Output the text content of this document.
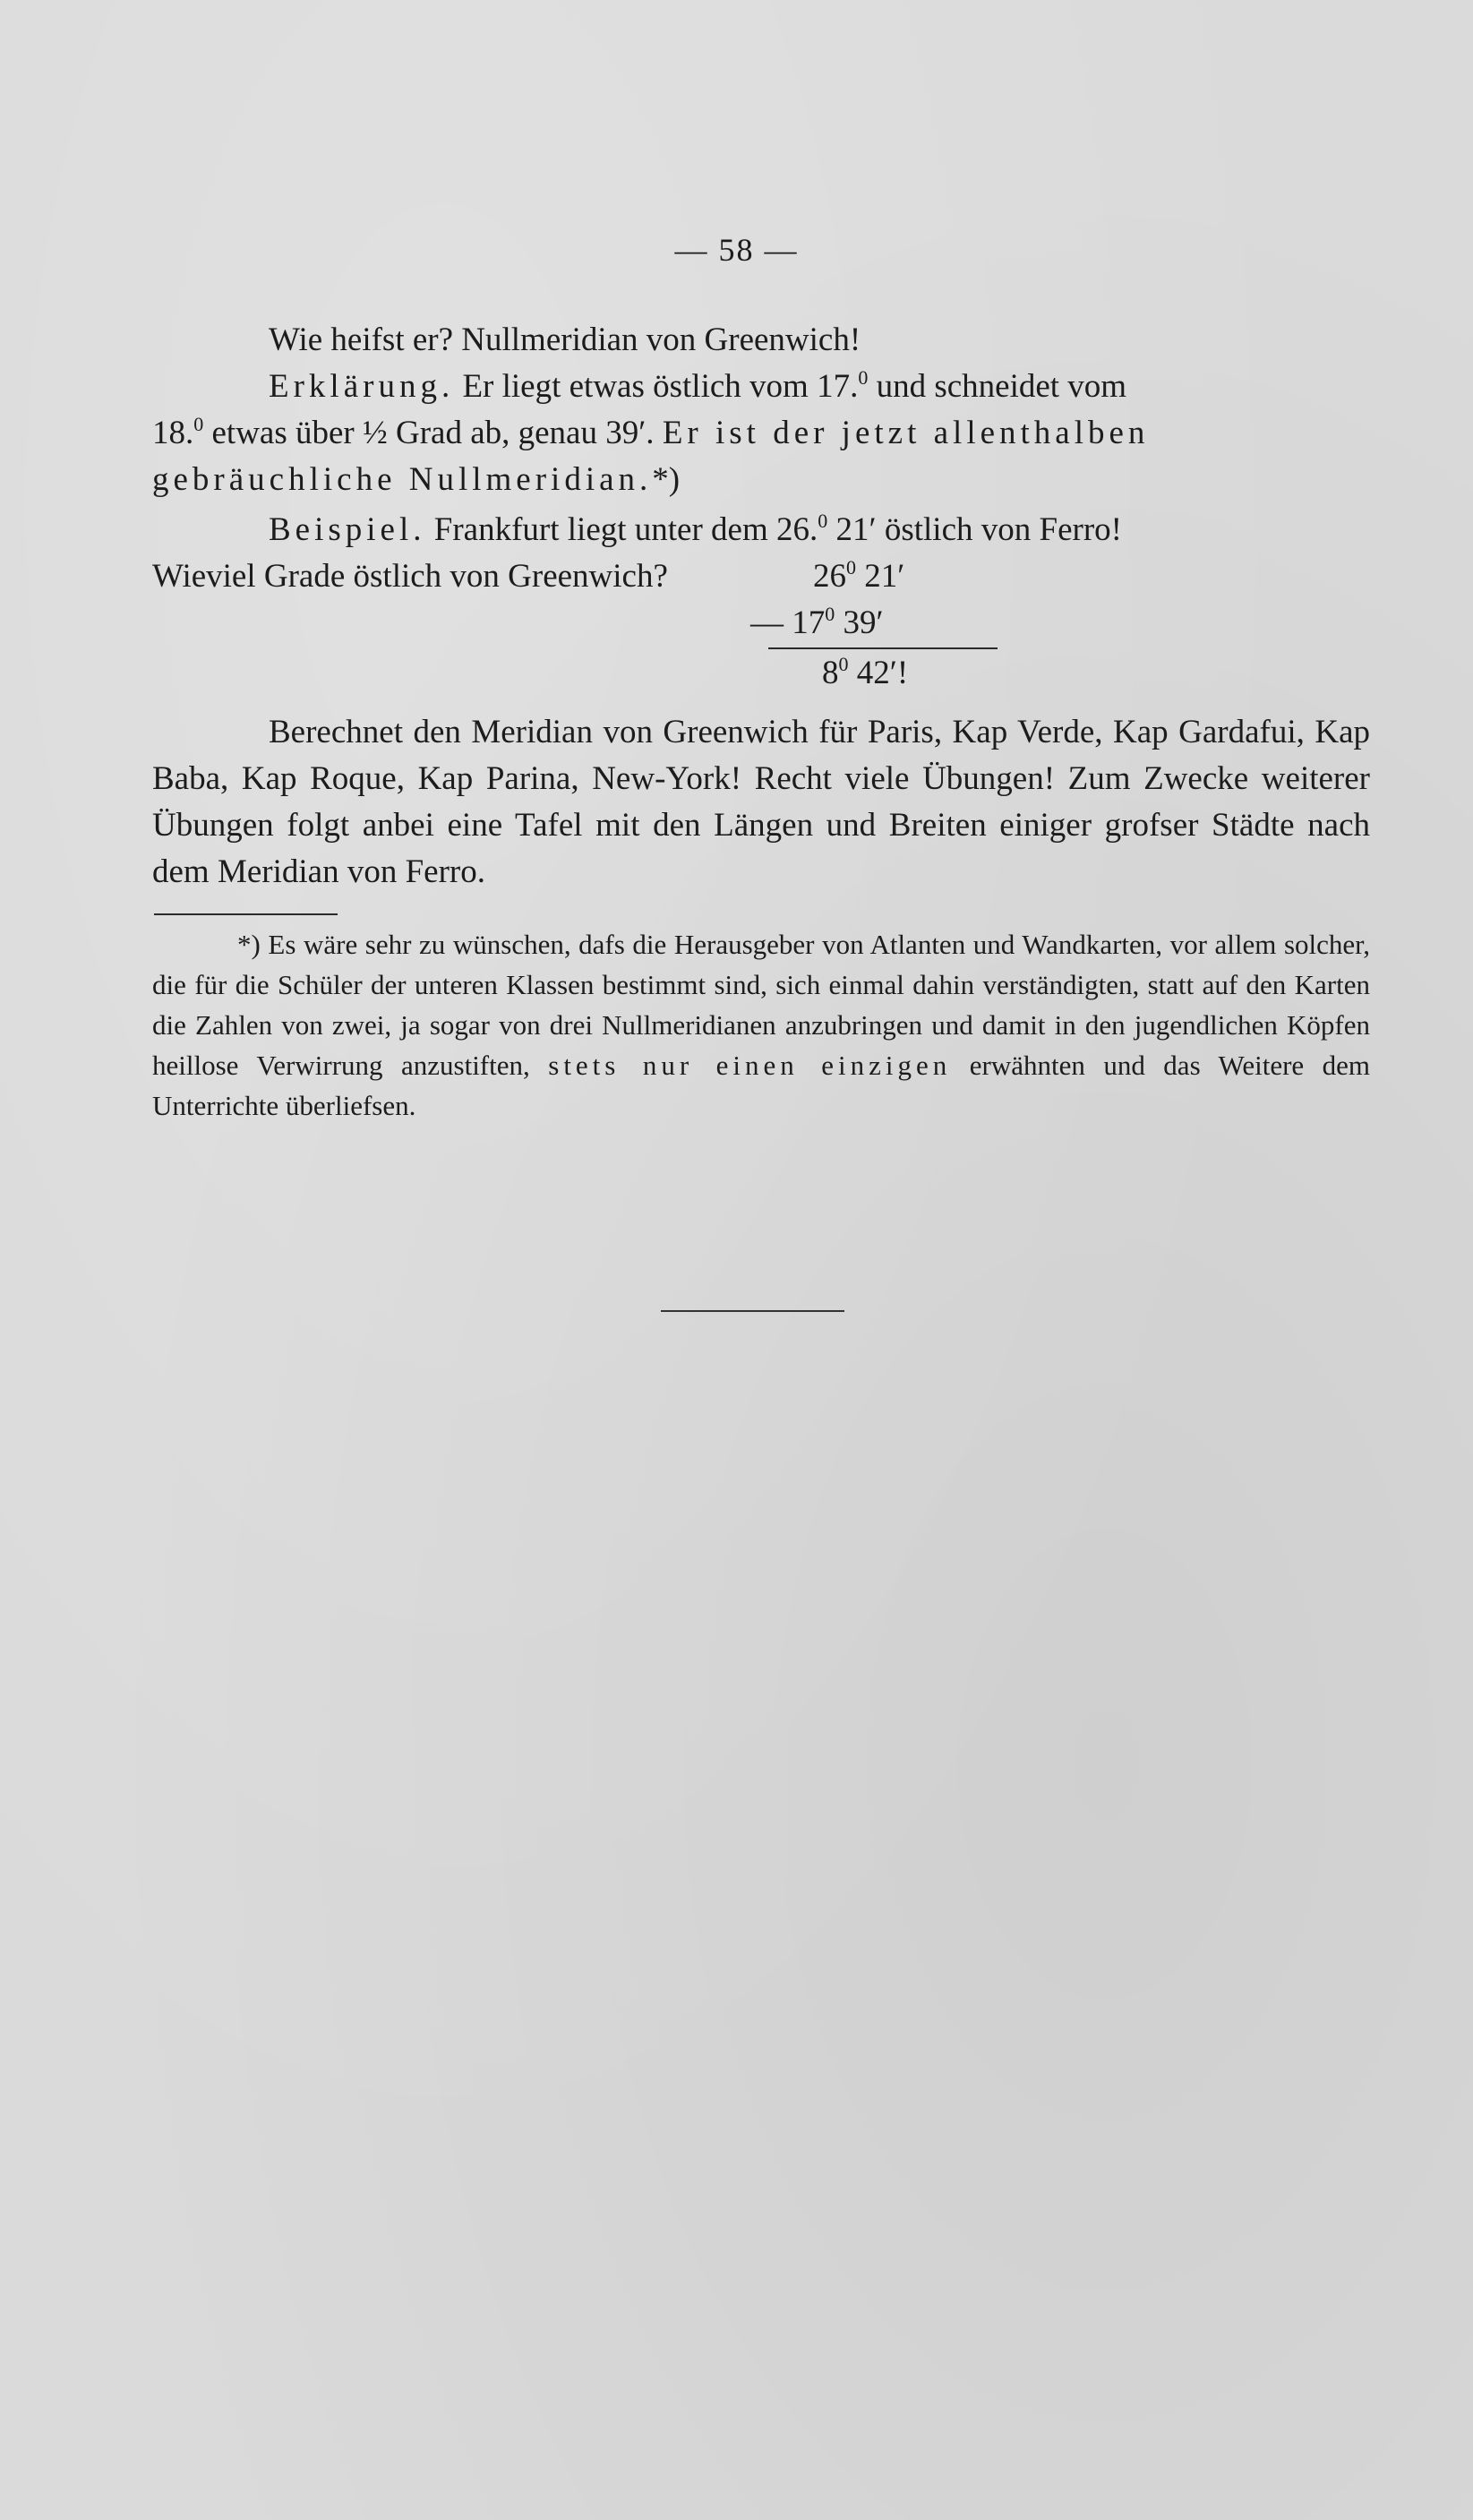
— 58 —
Wie heifst er? Nullmeridian von Greenwich!
Erklärung. Er liegt etwas östlich vom 17.$^0$ und schneidet vom
18.$^0$ etwas über ½ Grad ab, genau 39′. Er ist der jetzt allenthalben
gebräuchliche Nullmeridian.*)
Beispiel. Frankfurt liegt unter dem 26.$^0$ 21′ östlich von Ferro!
Wieviel Grade östlich von Greenwich?	$26^0$ 21′
— $17^0$ 39′
$8^0$ 42′!
Berechnet den Meridian von Greenwich für Paris, Kap Verde, Kap Gardafui, Kap Baba, Kap Roque, Kap Parina, New-York! Recht viele Übungen! Zum Zwecke weiterer Übungen folgt anbei eine Tafel mit den Längen und Breiten einiger grofser Städte nach dem Meridian von Ferro.
*) Es wäre sehr zu wünschen, dafs die Herausgeber von Atlanten und Wandkarten, vor allem solcher, die für die Schüler der unteren Klassen bestimmt sind, sich einmal dahin verständigten, statt auf den Karten die Zahlen von zwei, ja sogar von drei Nullmeridianen anzubringen und damit in den jugendlichen Köpfen heillose Verwirrung anzustiften, stets nur einen einzigen erwähnten und das Weitere dem Unterrichte überliefsen.
